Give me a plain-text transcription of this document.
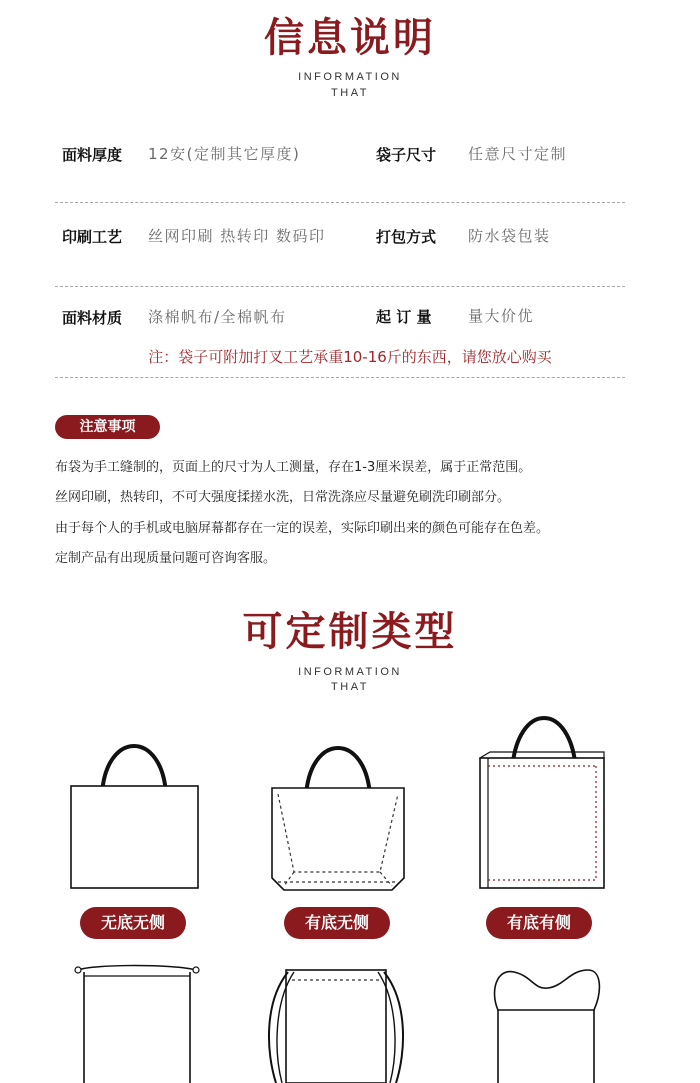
信息说明
INFORMATION
THAT
面料厚度 12安(定制其它厚度)	袋子尺寸 任意尺寸定制
印刷工艺 丝网印刷 热转印 数码印	打包方式 防水袋包装
面料材质 涤棉帆布/全棉帆布	起 订 量 量大价优
注：袋子可附加打叉工艺承重10-16斤的东西，请您放心购买
注意事项
布袋为手工缝制的，页面上的尺寸为人工测量，存在1-3厘米误差，属于正常范围。
丝网印刷，热转印，不可大强度揉搓水洗，日常洗涤应尽量避免刷洗印刷部分。
由于每个人的手机或电脑屏幕都存在一定的误差，实际印刷出来的颜色可能存在色差。
定制产品有出现质量问题可咨询客服。
可定制类型
INFORMATION
THAT
无底无侧	有底无侧	有底有侧
